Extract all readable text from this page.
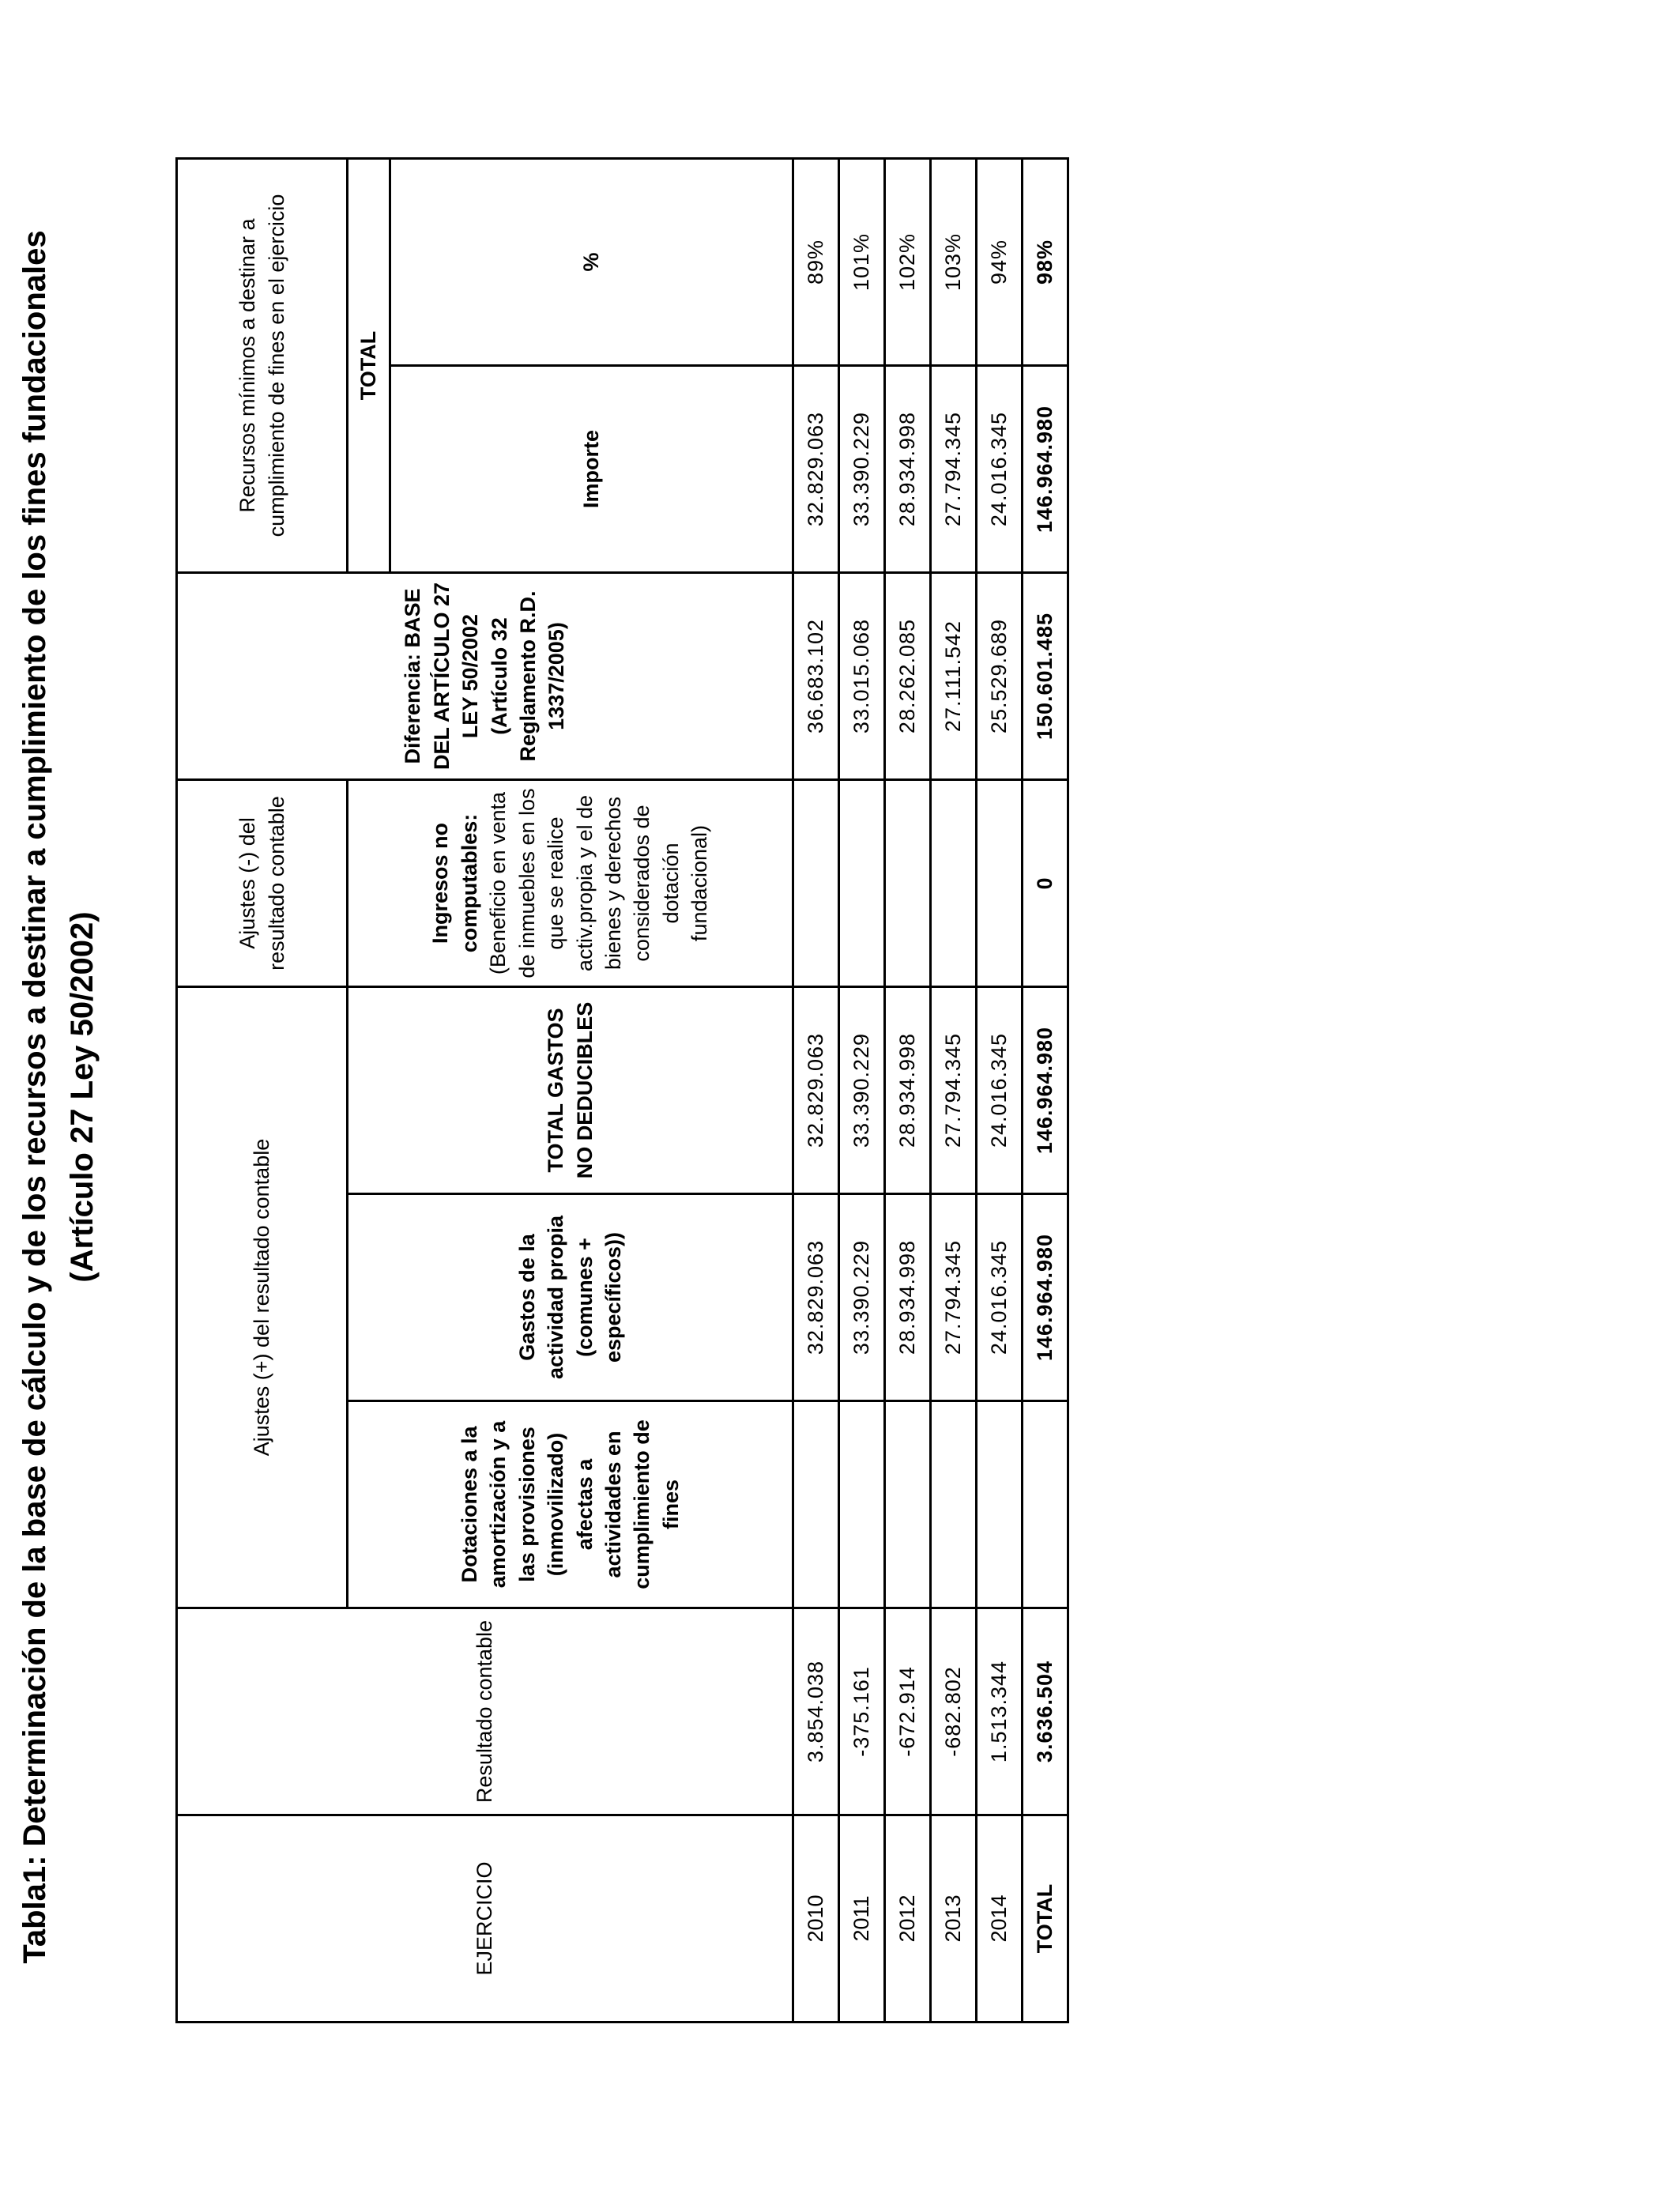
Tabla1: Determinación de la base de cálculo y de los recursos a destinar a cumplimiento de los fines fundacionales (Artículo 27 Ley 50/2002)
EJERCICIO	Resultado contable	Ajustes (+) del resultado contable			Ajustes (-) del resultado contable	Diferencia: BASE DEL ARTÍCULO 27 LEY 50/2002 (Artículo 32 Reglamento R.D. 1337/2005)	Recursos mínimos a destinar a cumplimiento de fines en el ejercicio	
		Dotaciones a la amortización y a las provisiones (inmovilizado) afectas a actividades en cumplimiento de fines	Gastos de la actividad propia (comunes + específicos))	TOTAL GASTOS NO DEDUCIBLES	Ingresos no computables: (Beneficio en venta de inmuebles en los que se realice activ.propia y el de bienes y derechos considerados de dotación fundacional)		TOTAL	
							Importe	%
2010	3.854.038		32.829.063	32.829.063		36.683.102	32.829.063	89%
2011	-375.161		33.390.229	33.390.229		33.015.068	33.390.229	101%
2012	-672.914		28.934.998	28.934.998		28.262.085	28.934.998	102%
2013	-682.802		27.794.345	27.794.345		27.111.542	27.794.345	103%
2014	1.513.344		24.016.345	24.016.345		25.529.689	24.016.345	94%
TOTAL	3.636.504		146.964.980	146.964.980	0	150.601.485	146.964.980	98%
